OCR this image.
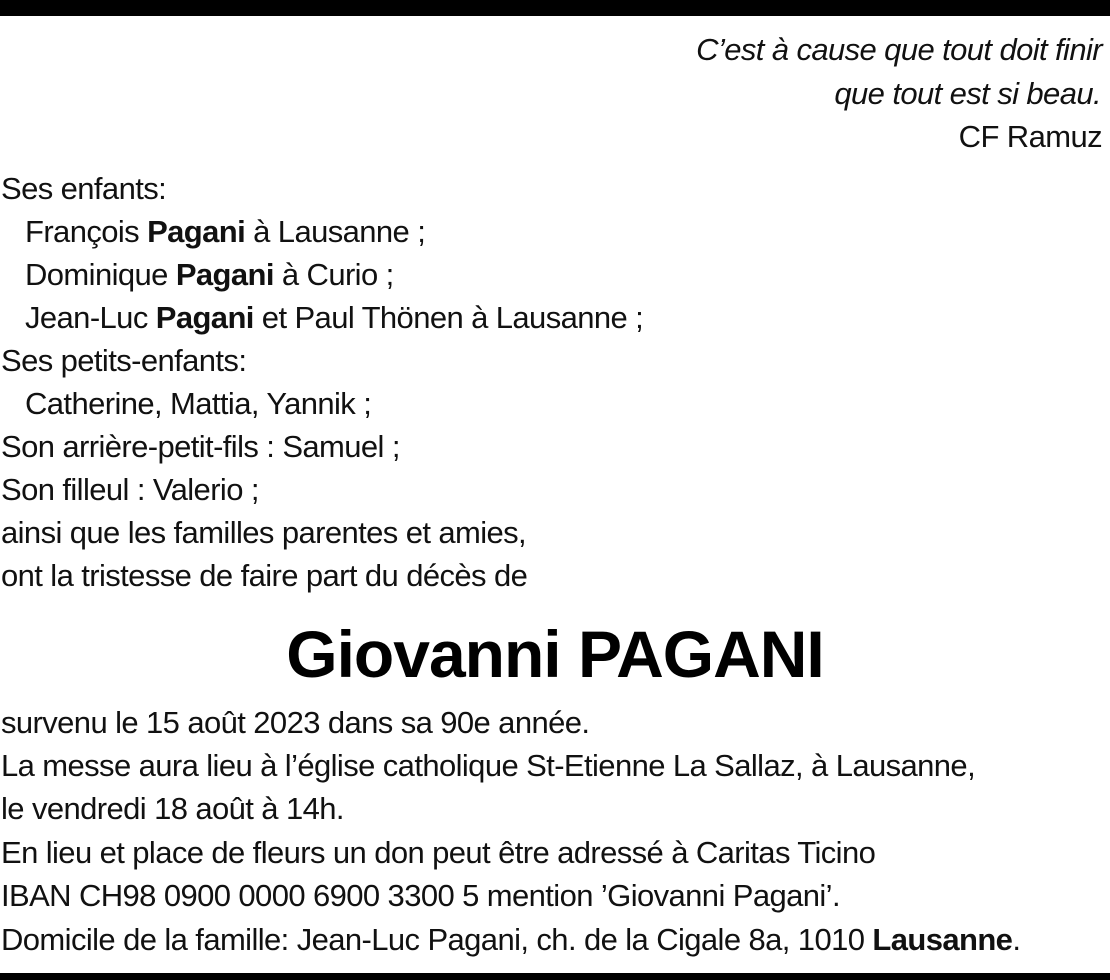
C’est à cause que tout doit finir
que tout est si beau.
CF Ramuz
Ses enfants:
François Pagani à Lausanne ;
Dominique Pagani à Curio ;
Jean-Luc Pagani et Paul Thönen à Lausanne ;
Ses petits-enfants:
Catherine, Mattia, Yannik ;
Son arrière-petit-fils : Samuel ;
Son filleul : Valerio ;
ainsi que les familles parentes et amies,
ont la tristesse de faire part du décès de
Giovanni PAGANI
survenu le 15 août 2023 dans sa 90e année.
La messe aura lieu à l’église catholique St-Etienne La Sallaz, à Lausanne,
le vendredi 18 août à 14h.
En lieu et place de fleurs un don peut être adressé à Caritas Ticino
IBAN CH98 0900 0000 6900 3300 5 mention ’Giovanni Pagani’.
Domicile de la famille: Jean-Luc Pagani, ch. de la Cigale 8a, 1010 Lausanne.
